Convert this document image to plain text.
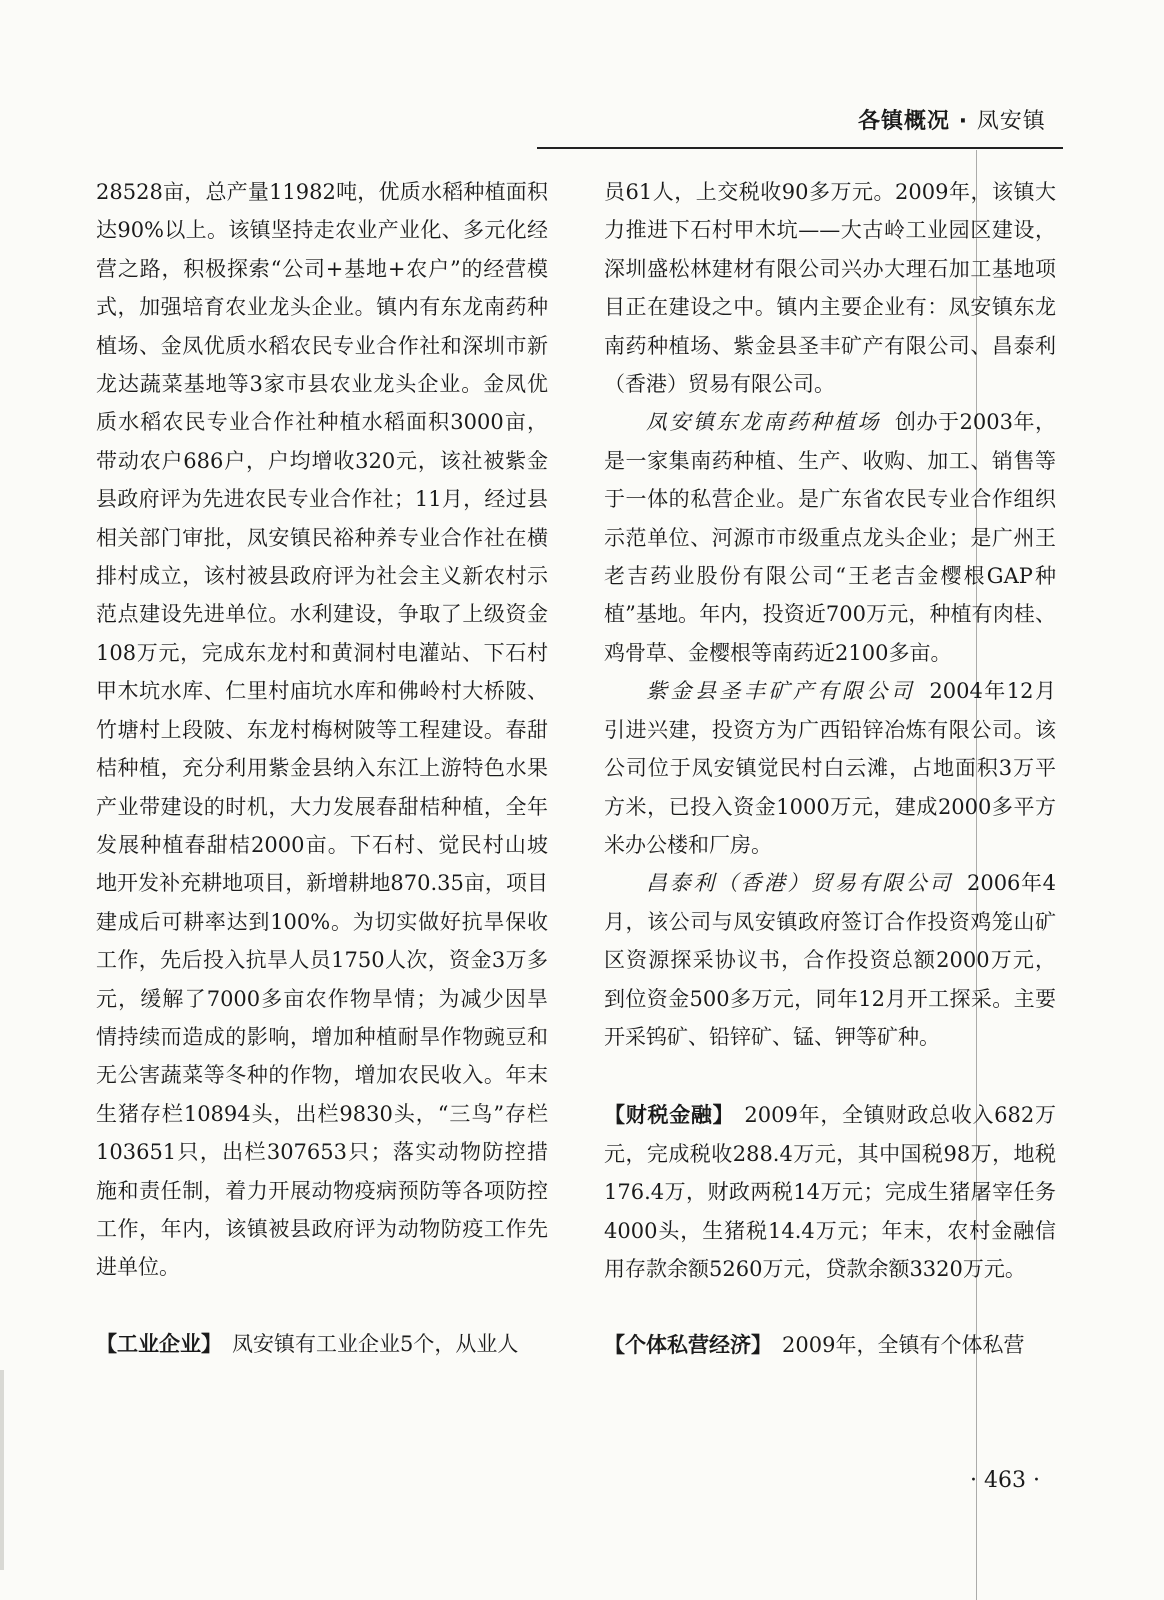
各镇概况 · 凤安镇

28528亩，总产量11982吨，优质水稻种植面积达90%以上。该镇坚持走农业产业化、多元化经营之路，积极探索“公司+基地+农户”的经营模式，加强培育农业龙头企业。镇内有东龙南药种植场、金凤优质水稻农民专业合作社和深圳市新龙达蔬菜基地等3家市县农业龙头企业。金凤优质水稻农民专业合作社种植水稻面积3000亩，带动农户686户，户均增收320元，该社被紫金县政府评为先进农民专业合作社；11月，经过县相关部门审批，凤安镇民裕种养专业合作社在横排村成立，该村被县政府评为社会主义新农村示范点建设先进单位。水利建设，争取了上级资金108万元，完成东龙村和黄洞村电灌站、下石村甲木坑水库、仁里村庙坑水库和佛岭村大桥陂、竹塘村上段陂、东龙村梅树陂等工程建设。春甜桔种植，充分利用紫金县纳入东江上游特色水果产业带建设的时机，大力发展春甜桔种植，全年发展种植春甜桔2000亩。下石村、觉民村山坡地开发补充耕地项目，新增耕地870.35亩，项目建成后可耕率达到100%。为切实做好抗旱保收工作，先后投入抗旱人员1750人次，资金3万多元，缓解了7000多亩农作物旱情；为减少因旱情持续而造成的影响，增加种植耐旱作物豌豆和无公害蔬菜等冬种的作物，增加农民收入。年末生猪存栏10894头，出栏9830头，“三鸟”存栏103651只，出栏307653只；落实动物防控措施和责任制，着力开展动物疫病预防等各项防控工作，年内，该镇被县政府评为动物防疫工作先进单位。

【工业企业】 凤安镇有工业企业5个，从业人

员61人，上交税收90多万元。2009年，该镇大力推进下石村甲木坑——大古岭工业园区建设，深圳盛松林建材有限公司兴办大理石加工基地项目正在建设之中。镇内主要企业有：凤安镇东龙南药种植场、紫金县圣丰矿产有限公司、昌泰利（香港）贸易有限公司。

凤安镇东龙南药种植场 创办于2003年，是一家集南药种植、生产、收购、加工、销售等于一体的私营企业。是广东省农民专业合作组织示范单位、河源市市级重点龙头企业；是广州王老吉药业股份有限公司“王老吉金樱根GAP种植”基地。年内，投资近700万元，种植有肉桂、鸡骨草、金樱根等南药近2100多亩。

紫金县圣丰矿产有限公司 2004年12月引进兴建，投资方为广西铅锌冶炼有限公司。该公司位于凤安镇觉民村白云滩，占地面积3万平方米，已投入资金1000万元，建成2000多平方米办公楼和厂房。

昌泰利（香港）贸易有限公司 2006年4月，该公司与凤安镇政府签订合作投资鸡笼山矿区资源探采协议书，合作投资总额2000万元，到位资金500多万元，同年12月开工探采。主要开采钨矿、铅锌矿、锰、钾等矿种。

【财税金融】 2009年，全镇财政总收入682万元，完成税收288.4万元，其中国税98万，地税176.4万，财政两税14万元；完成生猪屠宰任务4000头，生猪税14.4万元；年末，农村金融信用存款余额5260万元，贷款余额3320万元。

【个体私营经济】 2009年，全镇有个体私营

· 463 ·
